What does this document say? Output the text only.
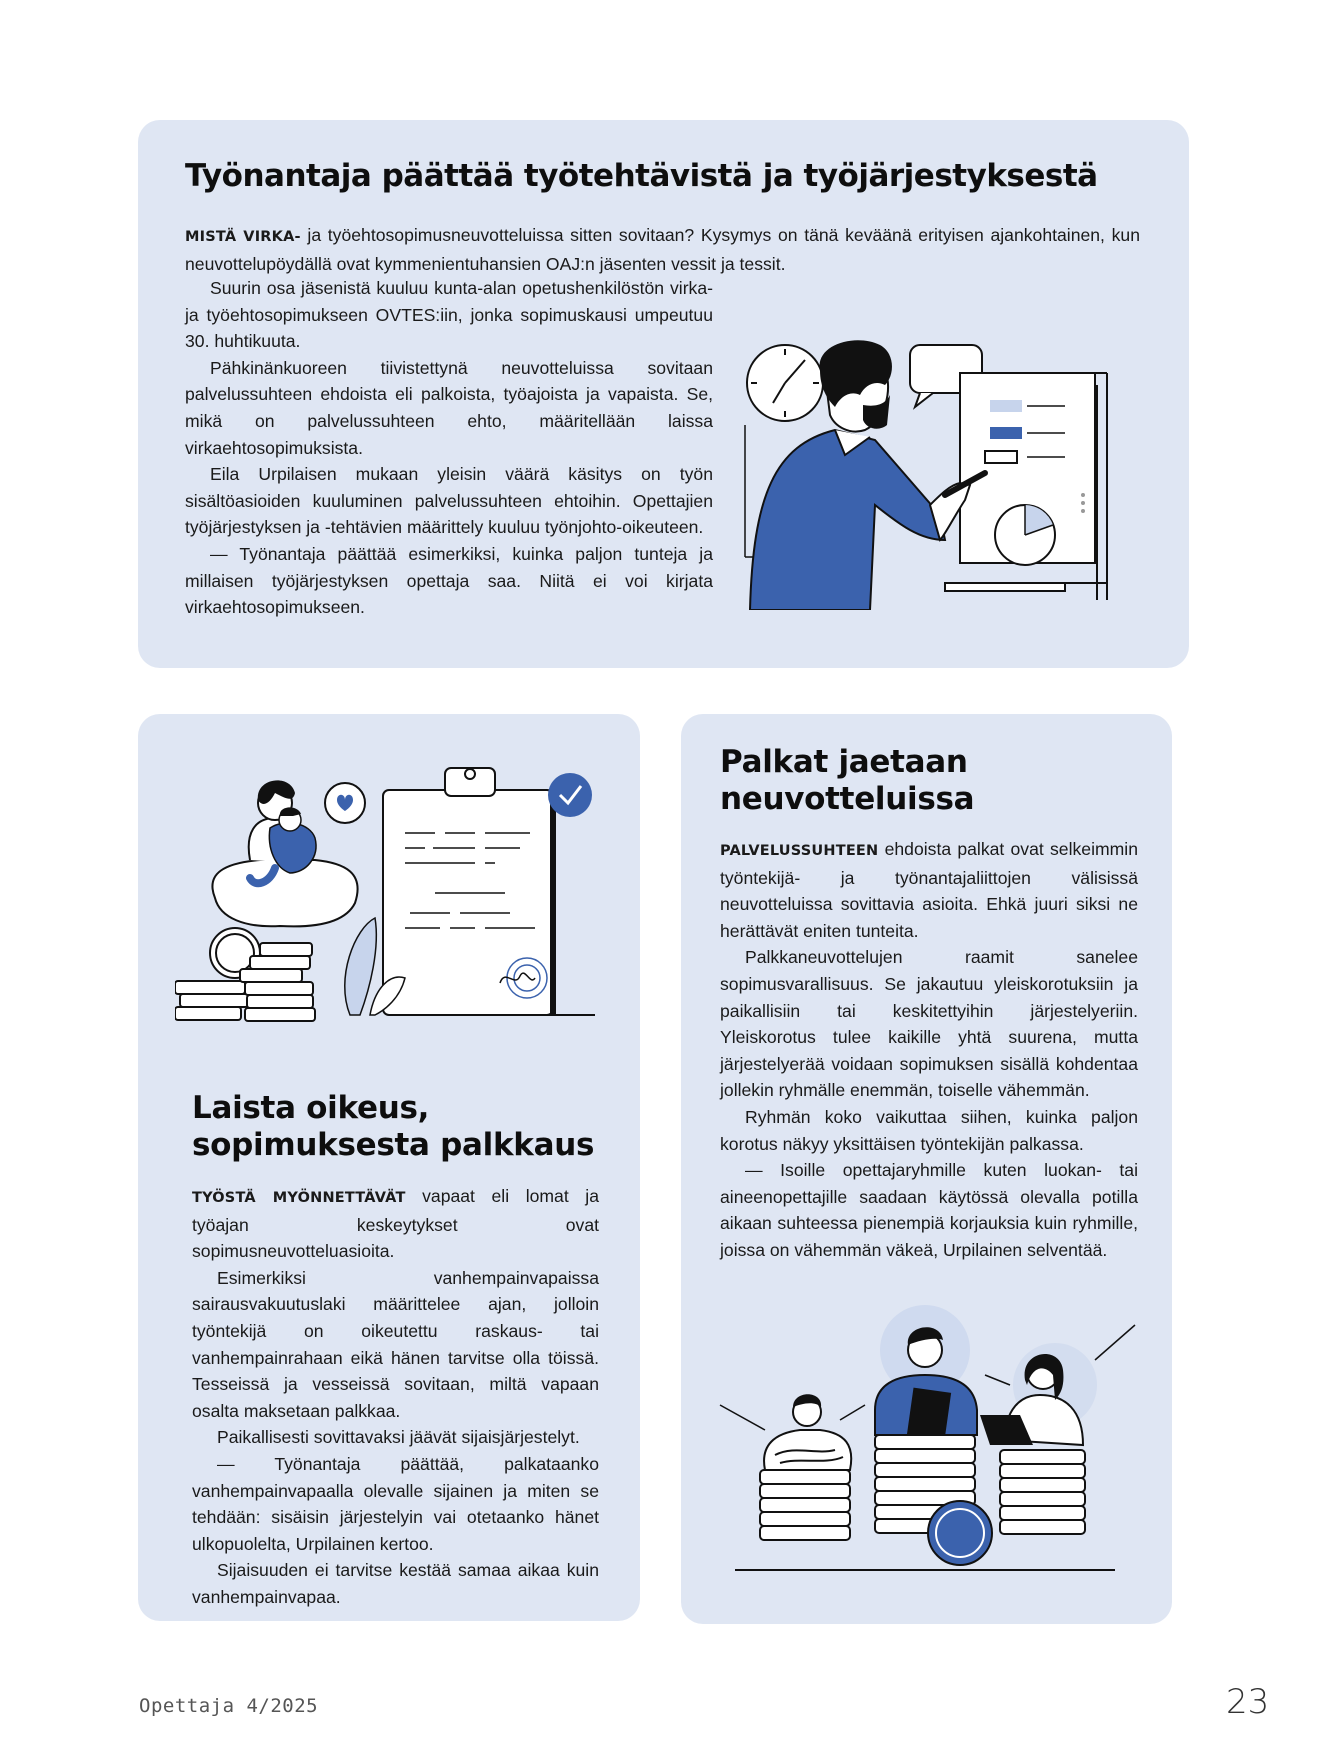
Työnantaja päättää työtehtävistä ja työjärjestyksestä

MISTÄ VIRKA- ja työehtosopimusneuvotteluissa sitten sovitaan? Kysymys on tänä keväänä erityisen ajankohtainen, kun neuvottelupöydällä ovat kymmenientuhansien OAJ:n jäsenten vessit ja tessit.

Suurin osa jäsenistä kuuluu kunta-alan opetushenkilöstön virka- ja työehtosopimukseen OVTES:iin, jonka sopimuskausi umpeutuu 30. huhtikuuta.

Pähkinänkuoreen tiivistettynä neuvotteluissa sovitaan palvelussuhteen ehdoista eli palkoista, työajoista ja vapaista. Se, mikä on palvelussuhteen ehto, määritellään laissa virkaehtosopimuksista.

Eila Urpilaisen mukaan yleisin väärä käsitys on työn sisältöasioiden kuuluminen palvelussuhteen ehtoihin. Opettajien työjärjestyksen ja -tehtävien määrittely kuuluu työnjohto-oikeuteen.

— Työnantaja päättää esimerkiksi, kuinka paljon tunteja ja millaisen työjärjestyksen opettaja saa. Niitä ei voi kirjata virkaehtosopimukseen.

Laista oikeus, sopimuksesta palkkaus

TYÖSTÄ MYÖNNETTÄVÄT vapaat eli lomat ja työajan keskeytykset ovat sopimusneuvotteluasioita.

Esimerkiksi vanhempainvapaissa sairausvakuutuslaki määrittelee ajan, jolloin työntekijä on oikeutettu raskaus- tai vanhempainrahaan eikä hänen tarvitse olla töissä. Tesseissä ja vesseissä sovitaan, miltä vapaan osalta maksetaan palkkaa.

Paikallisesti sovittavaksi jäävät sijaisjärjestelyt.

— Työnantaja päättää, palkataanko vanhempainvapaalla olevalle sijainen ja miten se tehdään: sisäisin järjestelyin vai otetaanko hänet ulkopuolelta, Urpilainen kertoo.

Sijaisuuden ei tarvitse kestää samaa aikaa kuin vanhempainvapaa.

Palkat jaetaan neuvotteluissa

PALVELUSSUHTEEN ehdoista palkat ovat selkeimmin työntekijä- ja työnantajaliittojen välisissä neuvotteluissa sovittavia asioita. Ehkä juuri siksi ne herättävät eniten tunteita.

Palkkaneuvottelujen raamit sanelee sopimusvarallisuus. Se jakautuu yleiskorotuksiin ja paikallisiin tai keskitettyihin järjestelyeriin. Yleiskorotus tulee kaikille yhtä suurena, mutta järjestelyerää voidaan sopimuksen sisällä kohdentaa jollekin ryhmälle enemmän, toiselle vähemmän.

Ryhmän koko vaikuttaa siihen, kuinka paljon korotus näkyy yksittäisen työntekijän palkassa.

— Isoille opettajaryhmille kuten luokan- tai aineenopettajille saadaan käytössä olevalla potilla aikaan suhteessa pienempiä korjauksia kuin ryhmille, joissa on vähemmän väkeä, Urpilainen selventää.

Opettaja 4/2025	23
